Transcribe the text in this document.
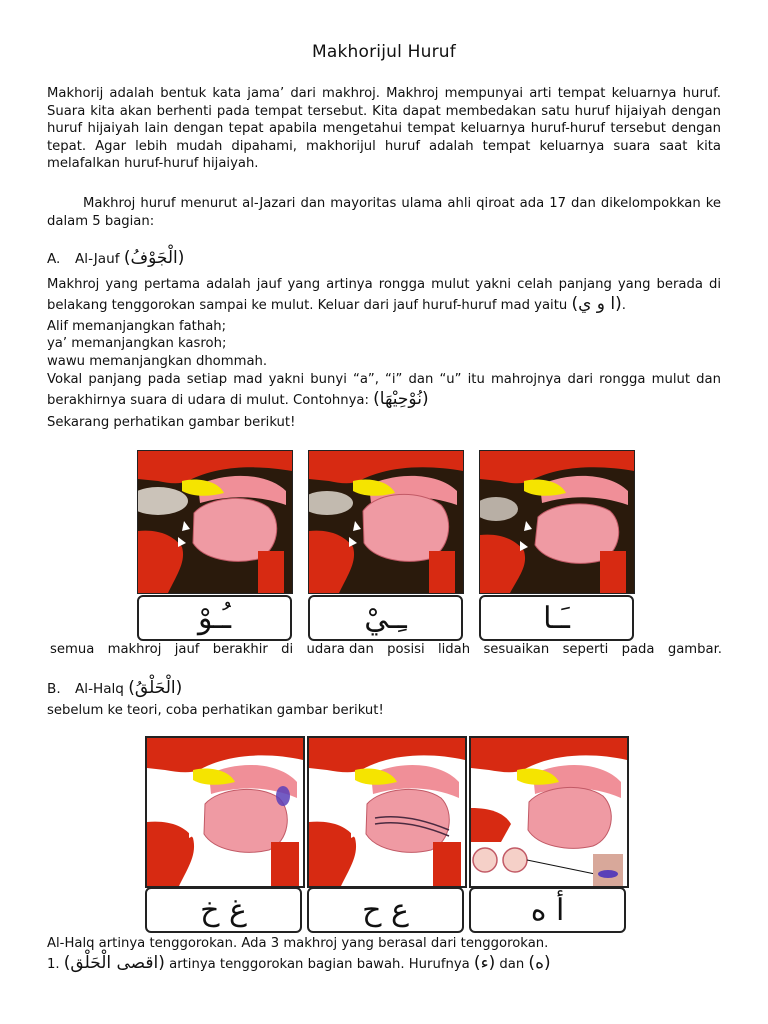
Makhorijul Huruf

Makhorij adalah bentuk kata jama’ dari makhroj. Makhroj mempunyai arti tempat keluarnya huruf. Suara kita akan berhenti pada tempat tersebut. Kita dapat membedakan satu huruf hijaiyah dengan huruf hijaiyah lain dengan tepat apabila mengetahui tempat keluarnya huruf-huruf tersebut dengan tepat. Agar lebih mudah dipahami, makhorijul huruf adalah tempat keluarnya suara saat kita melafalkan huruf-huruf hijaiyah.

Makhroj huruf menurut al-Jazari dan mayoritas ulama ahli qiroat ada 17 dan dikelompokkan ke dalam 5 bagian:

A. Al-Jauf (الْجَوْفُ)
Makhroj yang pertama adalah jauf yang artinya rongga mulut yakni celah panjang yang berada di
belakang tenggorokan sampai ke mulut. Keluar dari jauf huruf-huruf mad yaitu (ا و ي).
Alif memanjangkan fathah;
ya’ memanjangkan kasroh;
wawu memanjangkan dhommah.
Vokal panjang pada setiap mad yakni bunyi “a”, “i” dan “u” itu mahrojnya dari rongga mulut dan
berakhirnya suara di udara di mulut. Contohnya: (نُوْحِيْهَا)
Sekarang perhatikan gambar berikut!
ـُـوْ	ـِـيْ	ـَـا
semua makhroj jauf berakhir di udara dan posisi lidah sesuaikan seperti pada gambar.
B. Al-Halq (الْحَلْقُ)
sebelum ke teori, coba perhatikan gambar berikut!
غ خ	ع ح	أ ه
Al-Halq artinya tenggorokan. Ada 3 makhroj yang berasal dari tenggorokan.
1. (اقصى الْحَلْق) artinya tenggorokan bagian bawah. Hurufnya (ء) dan (ه)
